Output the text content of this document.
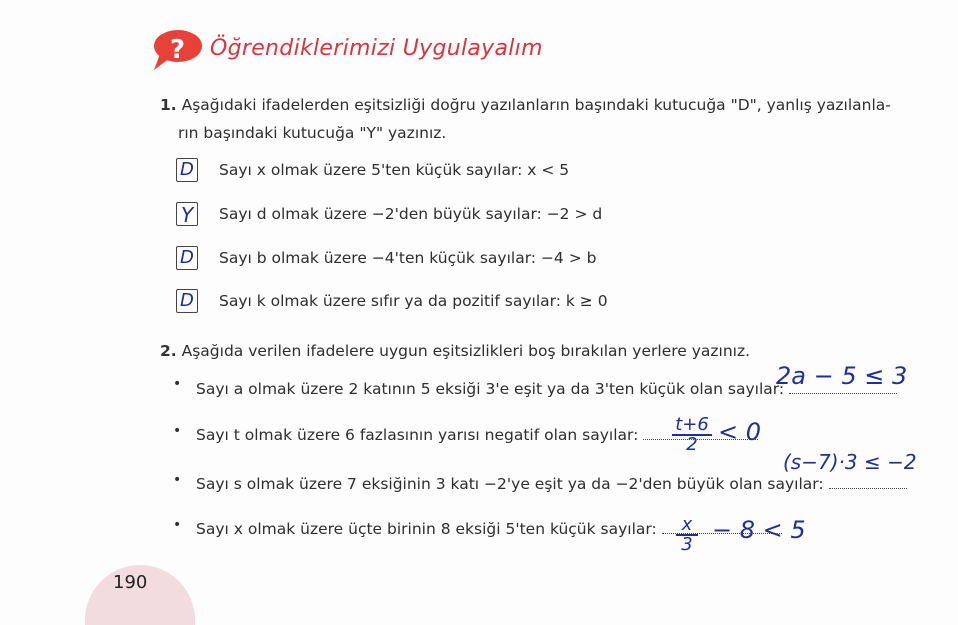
? Öğrendiklerimizi Uygulayalım
1. Aşağıdaki ifadelerden eşitsizliği doğru yazılanların başındaki kutucuğa "D", yanlış yazılanla-
rın başındaki kutucuğa "Y" yazınız.
D Sayı x olmak üzere 5'ten küçük sayılar: x < 5
Y	Sayı d olmak üzere −2'den büyük sayılar: −2 > d
D Sayı b olmak üzere −4'ten küçük sayılar: −4 > b
D Sayı k olmak üzere sıfır ya da pozitif sayılar: k ≥ 0
2. Aşağıda verilen ifadelere uygun eşitsizlikleri boş bırakılan yerlere yazınız.
• Sayı a olmak üzere 2 katının 5 eksiği 3'e eşit ya da 3'ten küçük olan sayılar:
2a − 5 ≤ 3
• Sayı t olmak üzere 6 fazlasının yarısı negatif olan sayılar:	t+6
2 < 0
• Sayı s olmak üzere 7 eksiğinin 3 katı −2'ye eşit ya da −2'den büyük olan sayılar:
(s−7)·3 ≤ −2
• Sayı x olmak üzere üçte birinin 8 eksiği 5'ten küçük sayılar:	x
3
− 8 < 5
190
